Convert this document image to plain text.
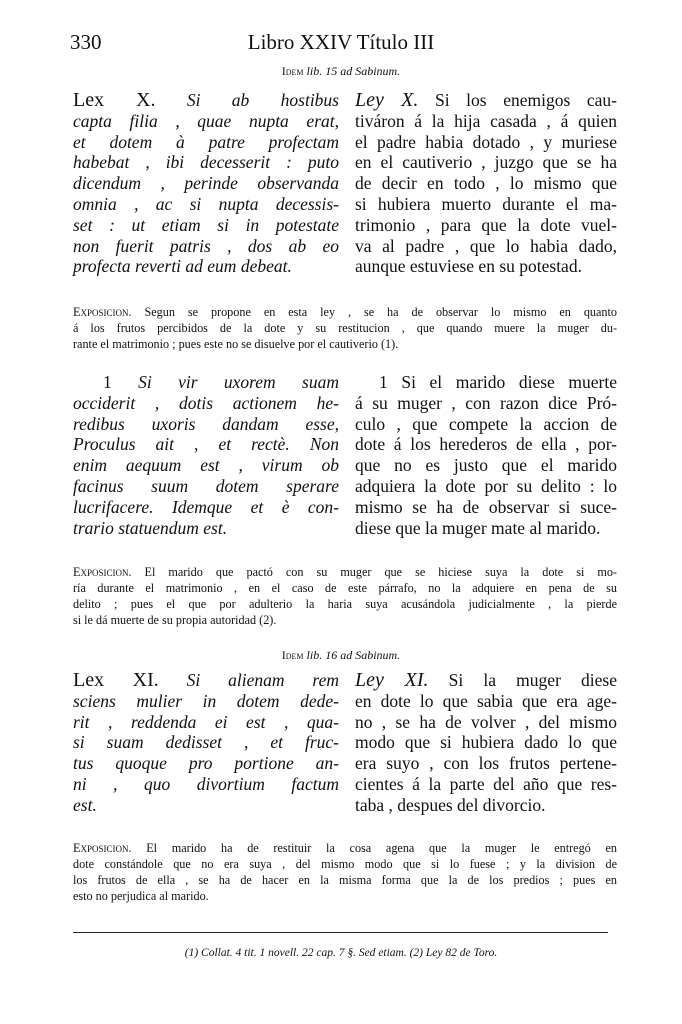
330	Libro XXIV Título III
Idem lib. 15 ad Sabinum.
Lex X. Si ab hostibus
capta filia , quae nupta erat,
et dotem à patre profectam
habebat , ibi decesserit : puto
dicendum , perinde observanda
omnia , ac si nupta decessis-
set : ut etiam si in potestate
non fuerit patris , dos ab eo
profecta reverti ad eum debeat.
Ley X. Si los enemigos cau-
tiváron á la hija casada , á quien
el padre habia dotado , y muriese
en el cautiverio , juzgo que se ha
de decir en todo , lo mismo que
si hubiera muerto durante el ma-
trimonio , para que la dote vuel-
va al padre , que lo habia dado,
aunque estuviese en su potestad.
Exposicion. Segun se propone en esta ley , se ha de observar lo mismo en quanto
á los frutos percibidos de la dote y su restitucion , que quando muere la muger du-
rante el matrimonio ; pues este no se disuelve por el cautiverio (1).
1 Si vir uxorem suam
occiderit , dotis actionem he-
redibus uxoris dandam esse,
Proculus ait , et rectè. Non
enim aequum est , virum ob
facinus suum dotem sperare
lucrifacere. Idemque et è con-
trario statuendum est.
1 Si el marido diese muerte
á su muger , con razon dice Pró-
culo , que compete la accion de
dote á los herederos de ella , por-
que no es justo que el marido
adquiera la dote por su delito : lo
mismo se ha de observar si suce-
diese que la muger mate al marido.
Exposicion. El marido que pactó con su muger que se hiciese suya la dote si mo-
ría durante el matrimonio , en el caso de este párrafo, no la adquiere en pena de su
delito ; pues el que por adulterio la haria suya acusándola judicialmente , la pierde
si le dá muerte de su propia autoridad (2).
Idem lib. 16 ad Sabinum.
Lex XI. Si alienam rem
sciens mulier in dotem dede-
rit , reddenda ei est , qua-
si suam dedisset , et fruc-
tus quoque pro portione an-
ni , quo divortium factum
est.
Ley XI. Si la muger diese
en dote lo que sabia que era age-
no , se ha de volver , del mismo
modo que si hubiera dado lo que
era suyo , con los frutos pertene-
cientes á la parte del año que res-
taba , despues del divorcio.
Exposicion. El marido ha de restituir la cosa agena que la muger le entregó en
dote constándole que no era suya , del mismo modo que si lo fuese ; y la division de
los frutos de ella , se ha de hacer en la misma forma que la de los predios ; pues en
esto no perjudica al marido.
(1) Collat. 4 tit. 1 novell. 22 cap. 7 §. Sed etiam. (2) Ley 82 de Toro.
